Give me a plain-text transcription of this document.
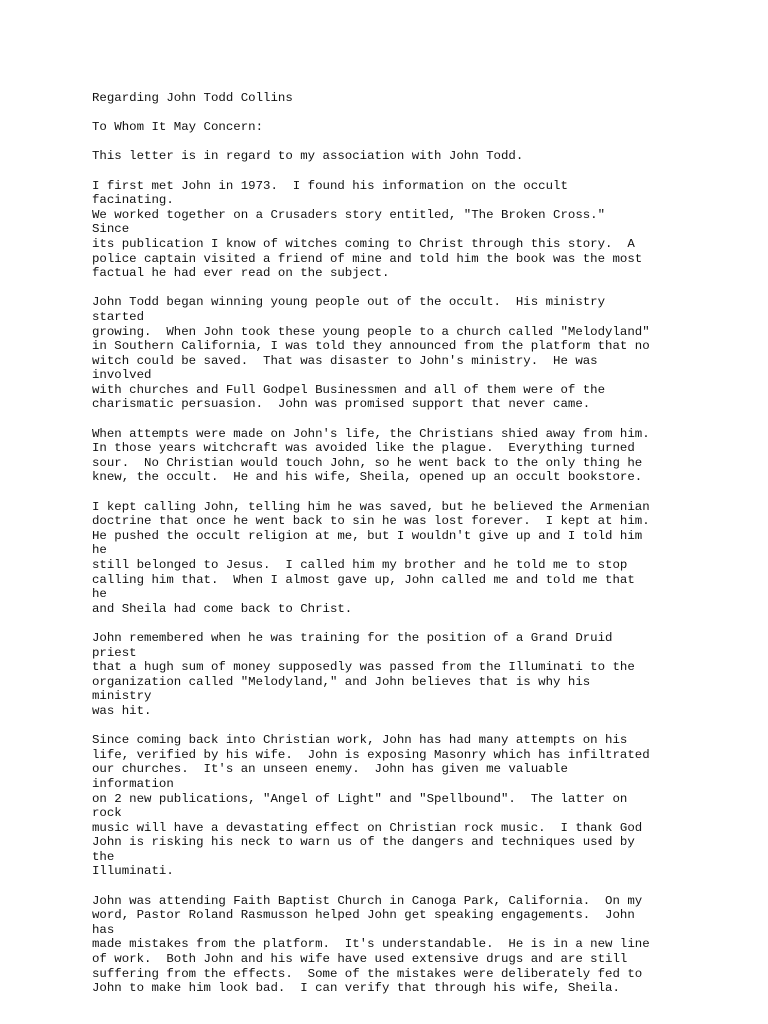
Regarding John Todd Collins
To Whom It May Concern:
This letter is in regard to my association with John Todd.
I first met John in 1973.  I found his information on the occult
facinating.
We worked together on a Crusaders story entitled, "The Broken Cross."
Since
its publication I know of witches coming to Christ through this story.  A
police captain visited a friend of mine and told him the book was the most
factual he had ever read on the subject.
John Todd began winning young people out of the occult.  His ministry
started
growing.  When John took these young people to a church called "Melodyland"
in Southern California, I was told they announced from the platform that no
witch could be saved.  That was disaster to John's ministry.  He was
involved
with churches and Full Godpel Businessmen and all of them were of the
charismatic persuasion.  John was promised support that never came.
When attempts were made on John's life, the Christians shied away from him.
In those years witchcraft was avoided like the plague.  Everything turned
sour.  No Christian would touch John, so he went back to the only thing he
knew, the occult.  He and his wife, Sheila, opened up an occult bookstore.
I kept calling John, telling him he was saved, but he believed the Armenian
doctrine that once he went back to sin he was lost forever.  I kept at him.
He pushed the occult religion at me, but I wouldn't give up and I told him
he
still belonged to Jesus.  I called him my brother and he told me to stop
calling him that.  When I almost gave up, John called me and told me that
he
and Sheila had come back to Christ.
John remembered when he was training for the position of a Grand Druid
priest
that a hugh sum of money supposedly was passed from the Illuminati to the
organization called "Melodyland," and John believes that is why his
ministry
was hit.
Since coming back into Christian work, John has had many attempts on his
life, verified by his wife.  John is exposing Masonry which has infiltrated
our churches.  It's an unseen enemy.  John has given me valuable
information
on 2 new publications, "Angel of Light" and "Spellbound".  The latter on
rock
music will have a devastating effect on Christian rock music.  I thank God
John is risking his neck to warn us of the dangers and techniques used by
the
Illuminati.
John was attending Faith Baptist Church in Canoga Park, California.  On my
word, Pastor Roland Rasmusson helped John get speaking engagements.  John
has
made mistakes from the platform.  It's understandable.  He is in a new line
of work.  Both John and his wife have used extensive drugs and are still
suffering from the effects.  Some of the mistakes were deliberately fed to
John to make him look bad.  I can verify that through his wife, Sheila.
